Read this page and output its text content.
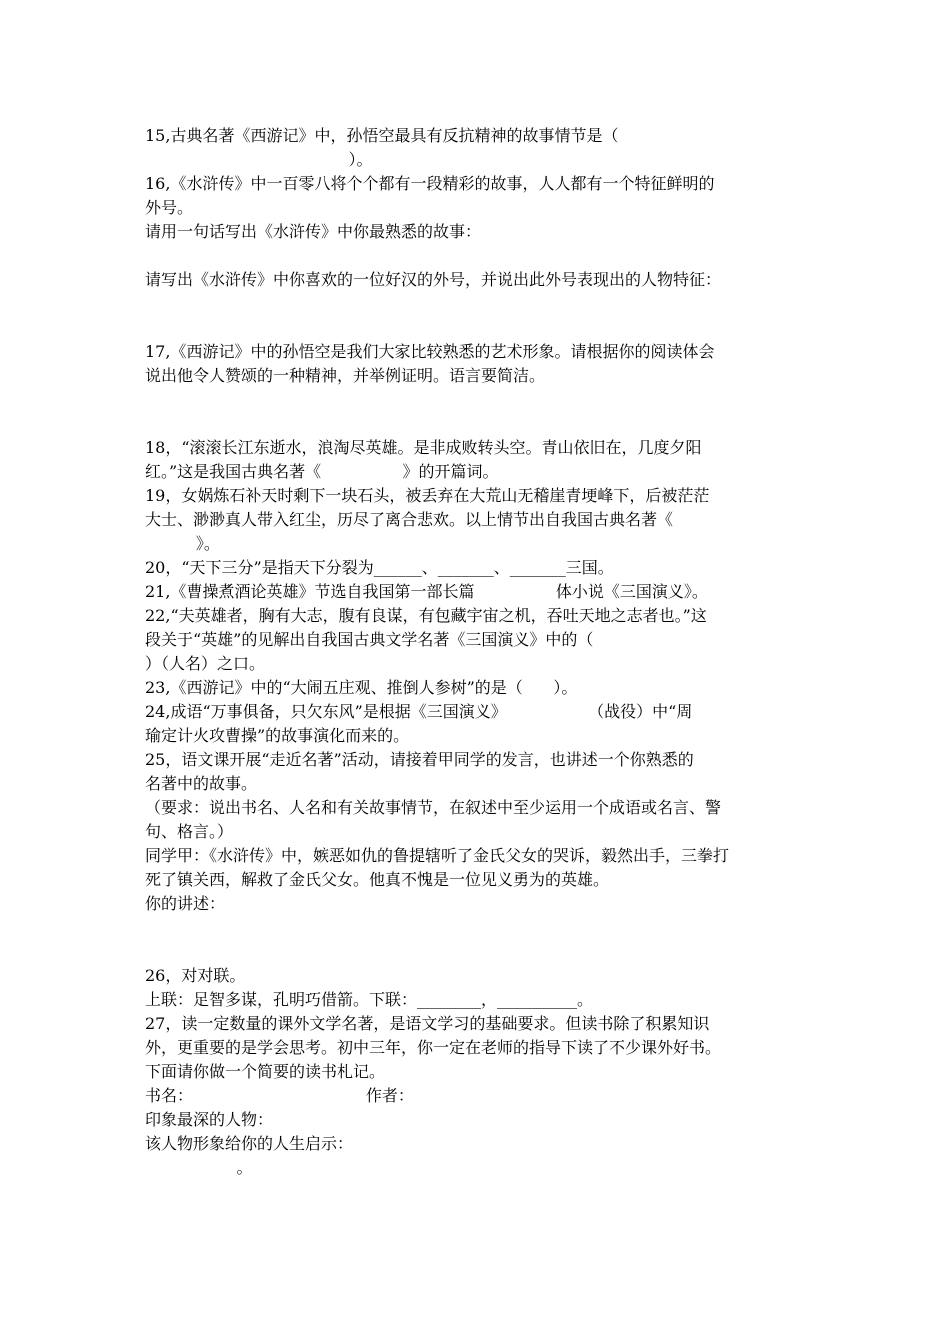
15,古典名著《西游记》中，孙悟空最具有反抗精神的故事情节是（
）。
16,《水浒传》中一百零八将个个都有一段精彩的故事，人人都有一个特征鲜明的
外号。
请用一句话写出《水浒传》中你最熟悉的故事：
请写出《水浒传》中你喜欢的一位好汉的外号，并说出此外号表现出的人物特征：
17,《西游记》中的孙悟空是我们大家比较熟悉的艺术形象。请根据你的阅读体会
说出他令人赞颂的一种精神，并举例证明。语言要简洁。
18，“滚滚长江东逝水，浪淘尽英雄。是非成败转头空。青山依旧在，几度夕阳
红。”这是我国古典名著《                》的开篇词。
19，女娲炼石补天时剩下一块石头，被丢弃在大荒山无稽崖青埂峰下，后被茫茫
大士、渺渺真人带入红尘，历尽了离合悲欢。以上情节出自我国古典名著《
》。
20，“天下三分”是指天下分裂为______、_______、_______三国。
21,《曹操煮酒论英雄》节选自我国第一部长篇                体小说《三国演义》。
22,“夫英雄者，胸有大志，腹有良谋，有包藏宇宙之机，吞吐天地之志者也。”这
段关于“英雄”的见解出自我国古典文学名著《三国演义》中的（
）（人名）之口。
23,《西游记》中的“大闹五庄观、推倒人参树”的是（      ）。
24,成语“万事俱备，只欠东风”是根据《三国演义》                （战役）中“周
瑜定计火攻曹操”的故事演化而来的。
25，语文课开展“走近名著”活动，请接着甲同学的发言，也讲述一个你熟悉的
名著中的故事。
（要求：说出书名、人名和有关故事情节，在叙述中至少运用一个成语或名言、警
句、格言。）
同学甲：《水浒传》中，嫉恶如仇的鲁提辖听了金氏父女的哭诉，毅然出手，三拳打
死了镇关西，解救了金氏父女。他真不愧是一位见义勇为的英雄。
你的讲述：
26，对对联。
上联：足智多谋，孔明巧借箭。下联：________，__________。
27，读一定数量的课外文学名著，是语文学习的基础要求。但读书除了积累知识
外，更重要的是学会思考。初中三年，你一定在老师的指导下读了不少课外好书。
下面请你做一个简要的读书札记。
书名：                                  作者：
印象最深的人物：
该人物形象给你的人生启示：
。
